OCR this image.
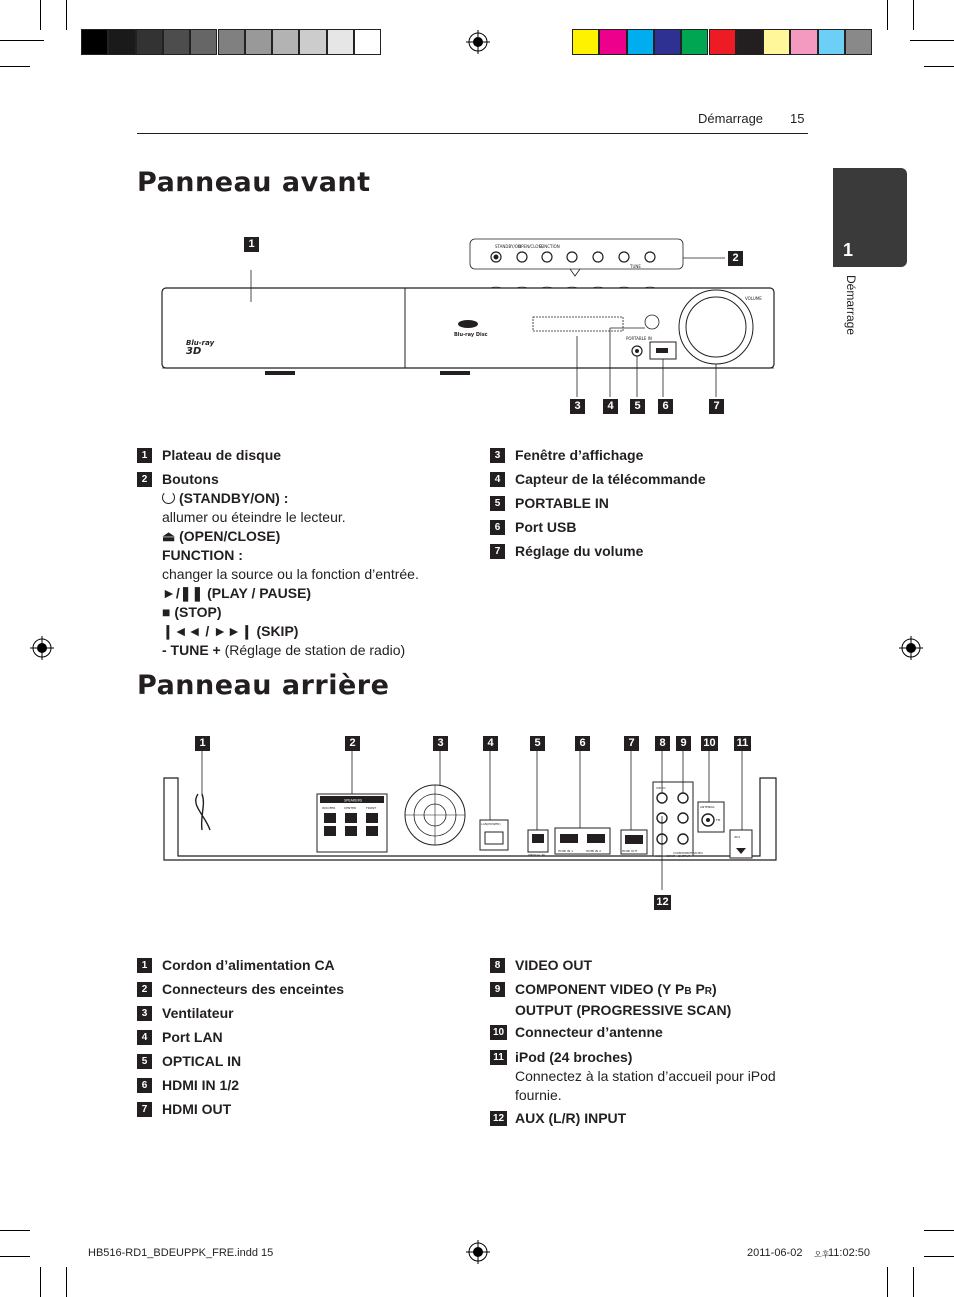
Démarrage 15
1
Démarrage
Panneau avant
STANDBY/ON
OPEN/CLOSE
FUNCTION
TUNE
Blu-ray
3D
Blu-ray Disc
PORTABLE IN
VOLUME
1
2
3	4	5	6	7
1	Plateau de disque
2	Boutons
(STANDBY/ON) :
allumer ou éteindre le lecteur.
⏏ (OPEN/CLOSE)
FUNCTION :
changer la source ou la fonction d’entrée.
►/❚❚ (PLAY / PAUSE)
■ (STOP)
❙◄◄ / ►►❙ (SKIP)
- TUNE + (Réglage de station de radio)
3	Fenêtre d’affichage
4	Capteur de la télécommande
5	PORTABLE IN
6	Port USB
7	Réglage du volume
Panneau arrière
SPEAKERS
WOOFER	CENTER	FRONT
LAN(POWER)
OPTICAL IN
HDMI IN 1	HDMI IN 2	HDMI OUT
VIDEO
AUX INPUT
COMPONENT VIDEO
OUTPUT
ANTENNA
FM
iPod
1	2	3	4	5	6	7	8	9	10 11
12
1	Cordon d’alimentation CA
2	Connecteurs des enceintes
3	Ventilateur
4	Port LAN
5	OPTICAL IN
6	HDMI IN 1/2
7	HDMI OUT
8	VIDEO OUT
9	COMPONENT VIDEO (Y PB PR)
OUTPUT (PROGRESSIVE SCAN)
10 Connecteur d’antenne
11 iPod (24 broches)
Connectez à la station d’accueil pour iPod fournie.
12 AUX (L/R) INPUT
HB516-RD1_BDEUPPK_FRE.indd 15	2011-06-02 오후
11:02:50
